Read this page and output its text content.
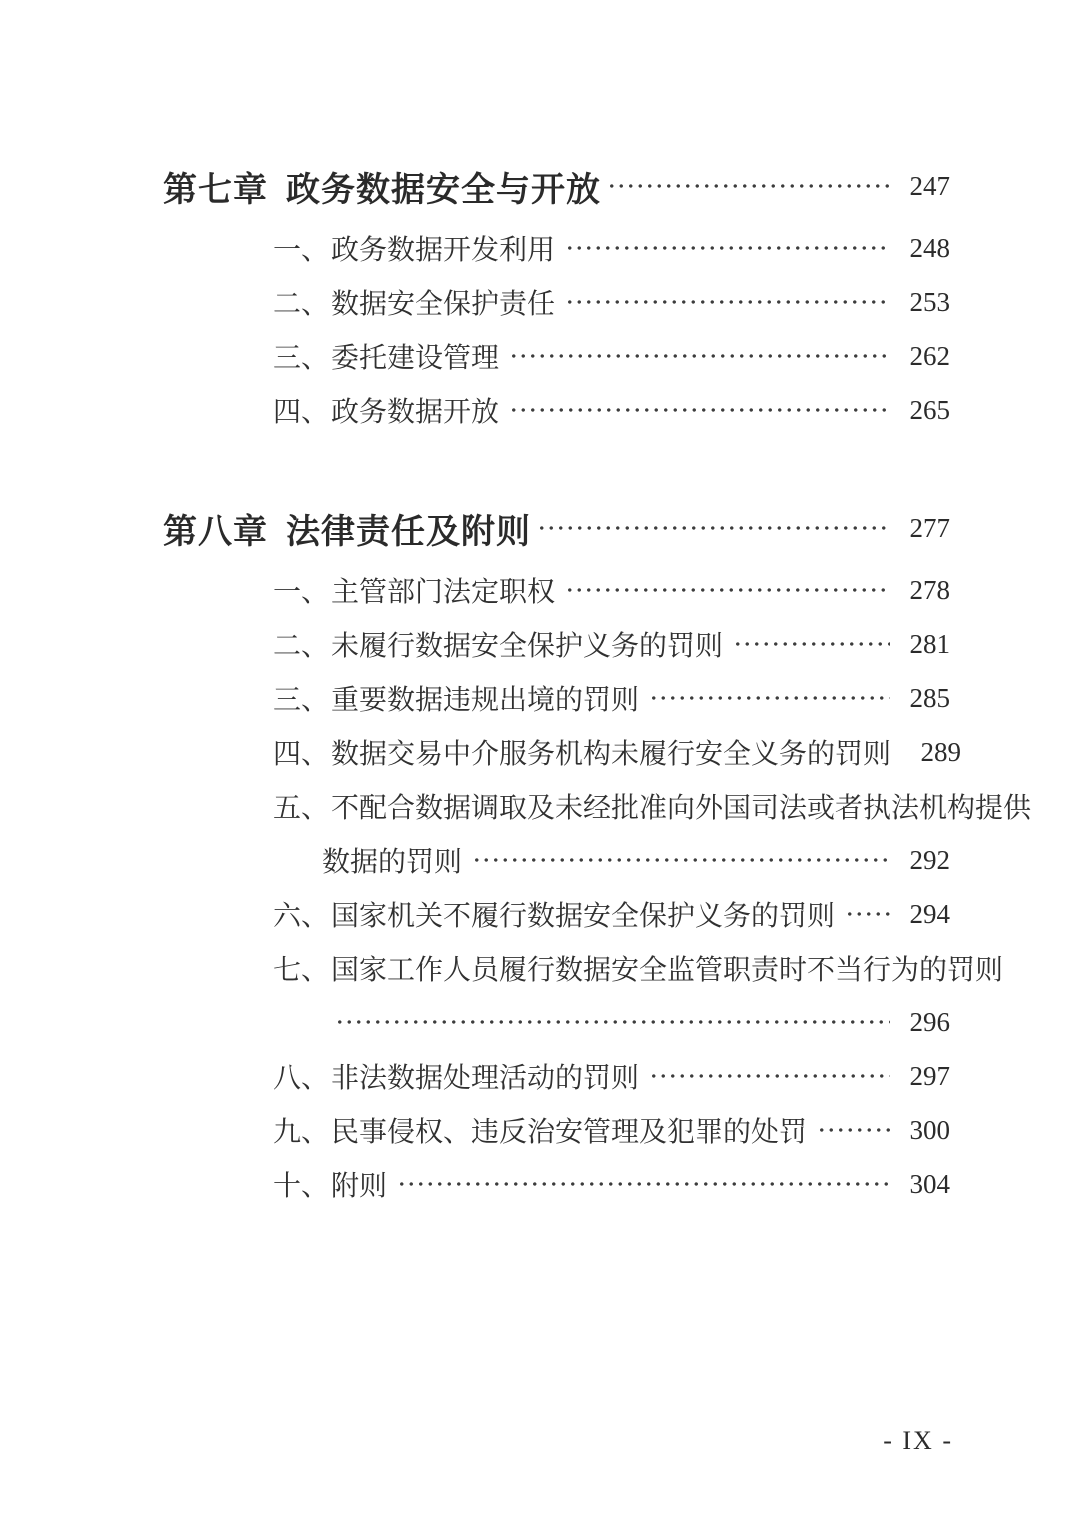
第七章 政务数据安全与开放	247
一、 政务数据开发利用	248
二、 数据安全保护责任	253
三、 委托建设管理	262
四、 政务数据开放	265
第八章 法律责任及附则	277
一、 主管部门法定职权	278
二、 未履行数据安全保护义务的罚则	281
三、 重要数据违规出境的罚则	285
四、 数据交易中介服务机构未履行安全义务的罚则	289
五、 不配合数据调取及未经批准向外国司法或者执法机构提供
数据的罚则	292
六、 国家机关不履行数据安全保护义务的罚则	294
七、 国家工作人员履行数据安全监管职责时不当行为的罚则
296
八、 非法数据处理活动的罚则	297
九、 民事侵权、违反治安管理及犯罪的处罚	300
十、 附则	304
- IX -
